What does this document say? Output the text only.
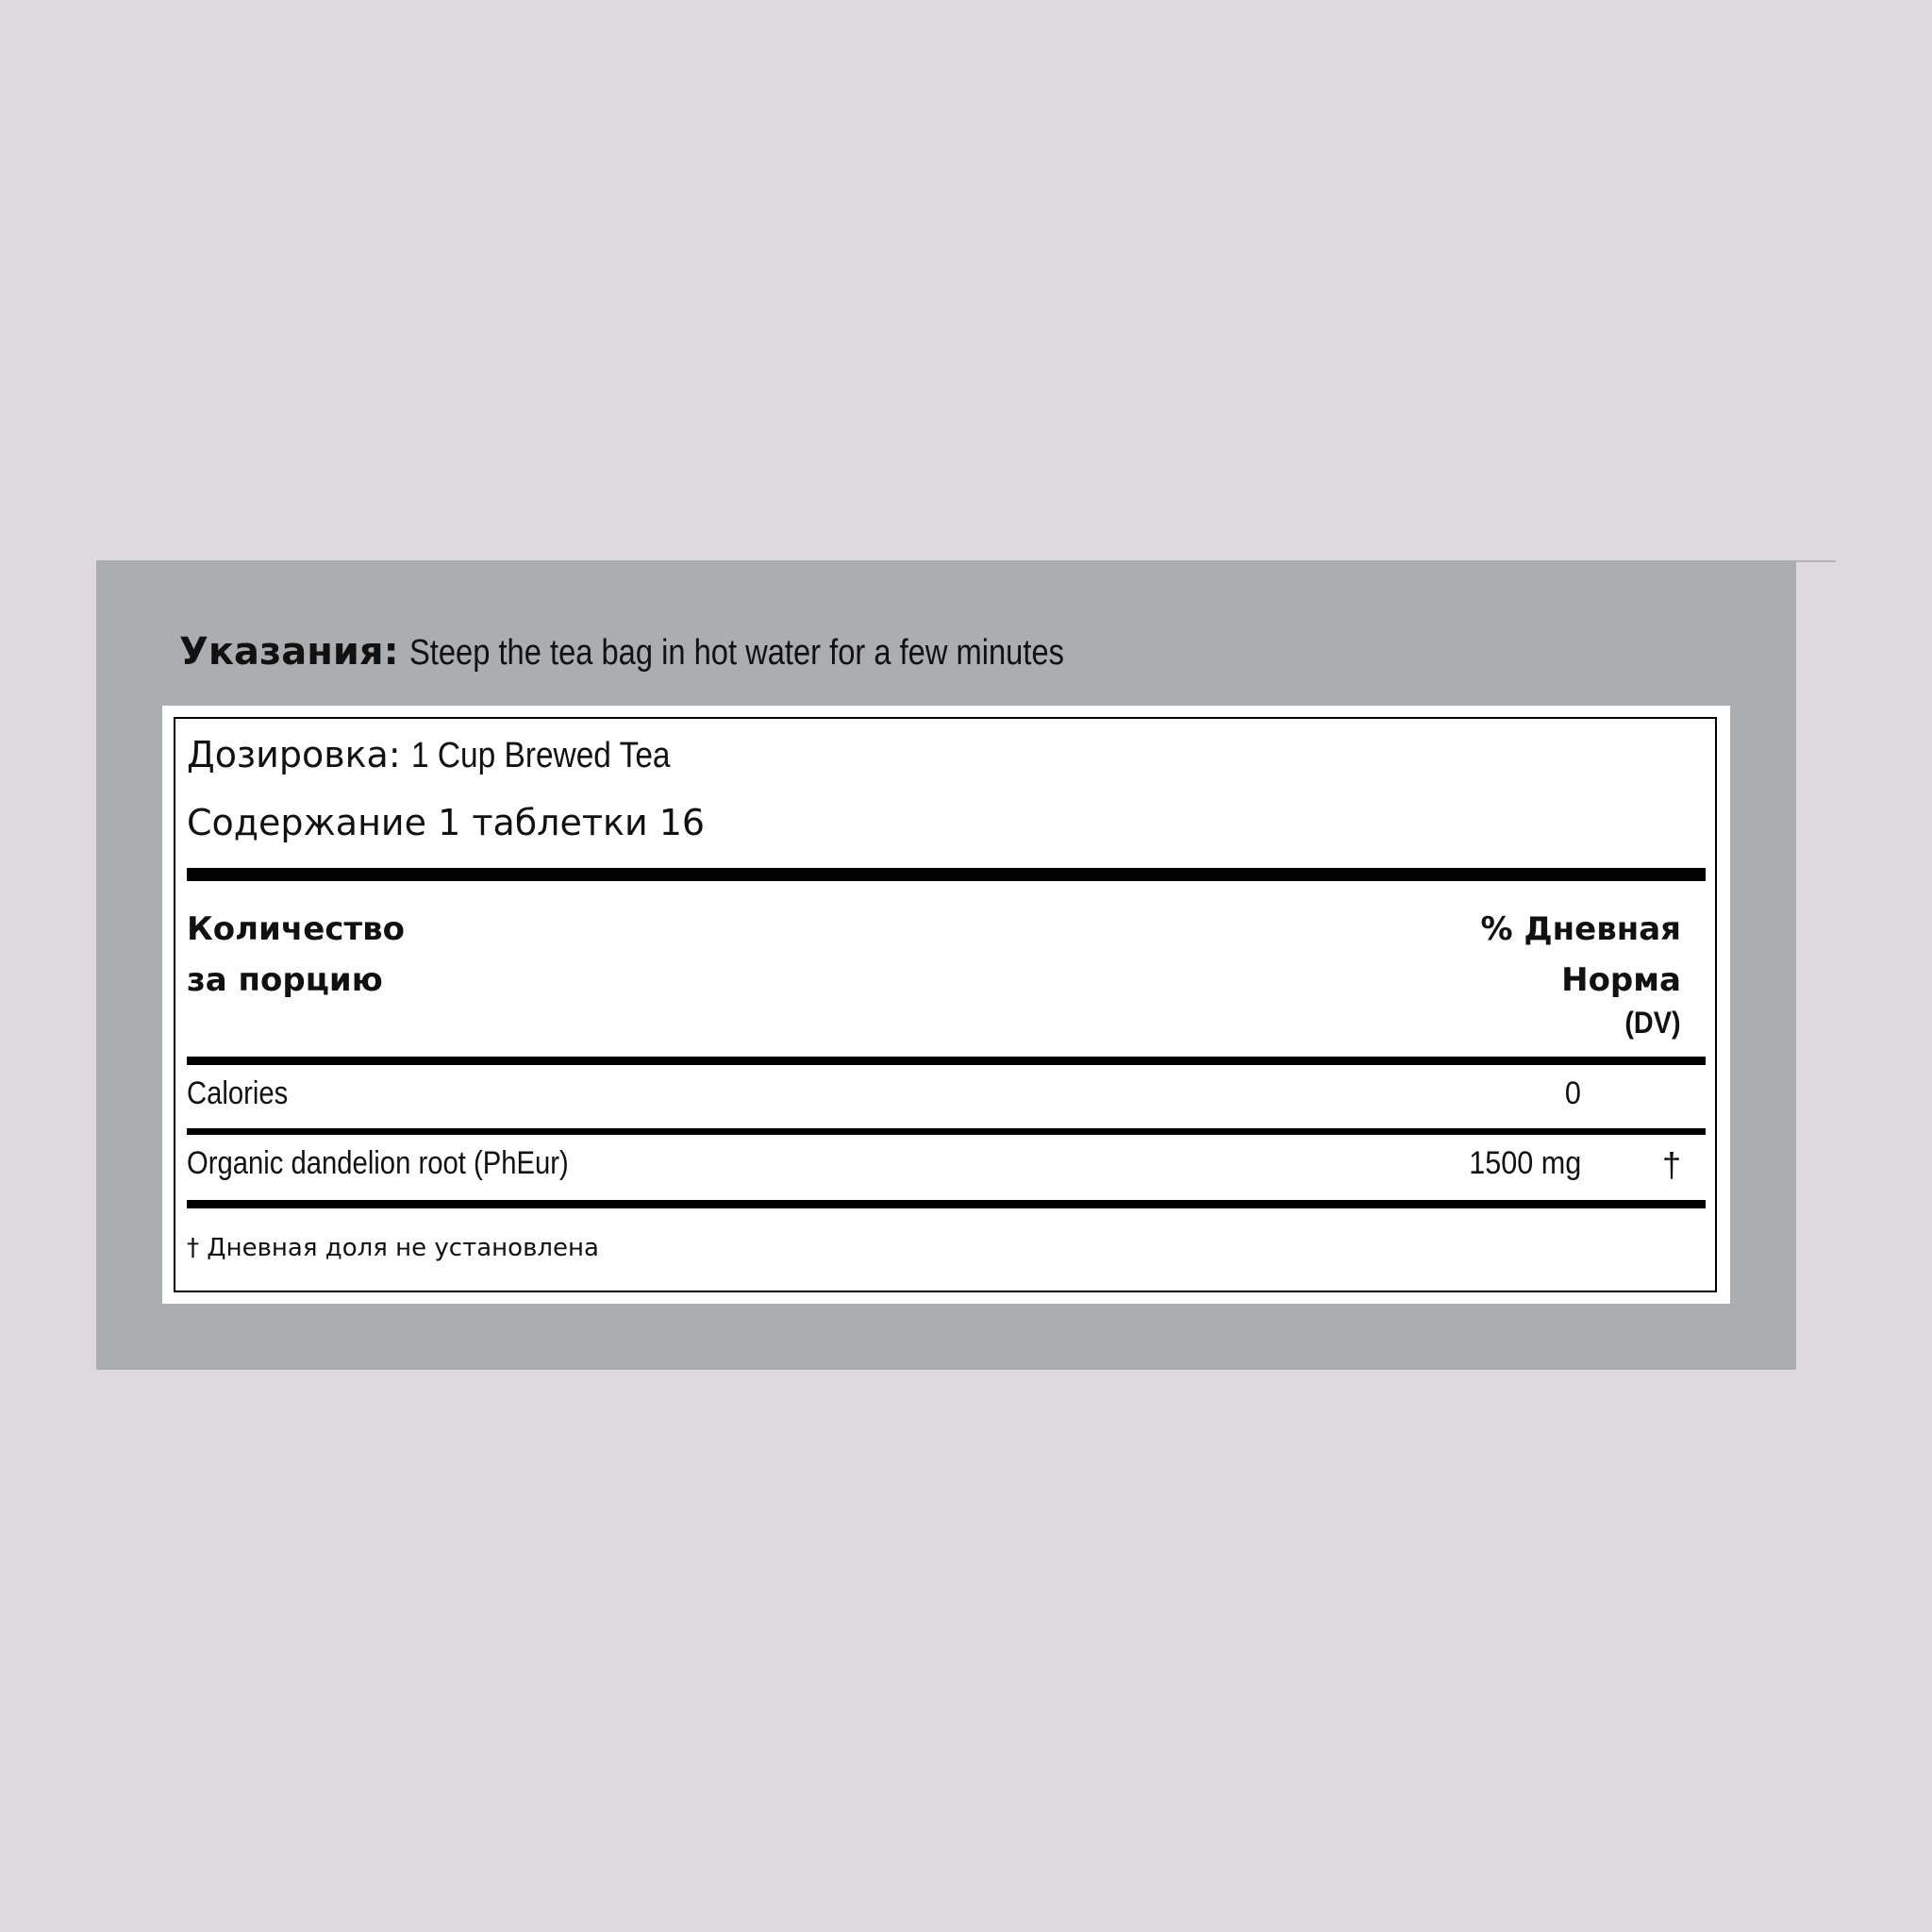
Указания: Steep the tea bag in hot water for a few minutes
Дозировка: 1 Cup Brewed Tea
Содержание 1 таблетки 16
Количество
за порцию
% Дневная
Норма
(DV)
Calories	0
Organic dandelion root (PhEur)	1500 mg †
† Дневная доля не установлена
